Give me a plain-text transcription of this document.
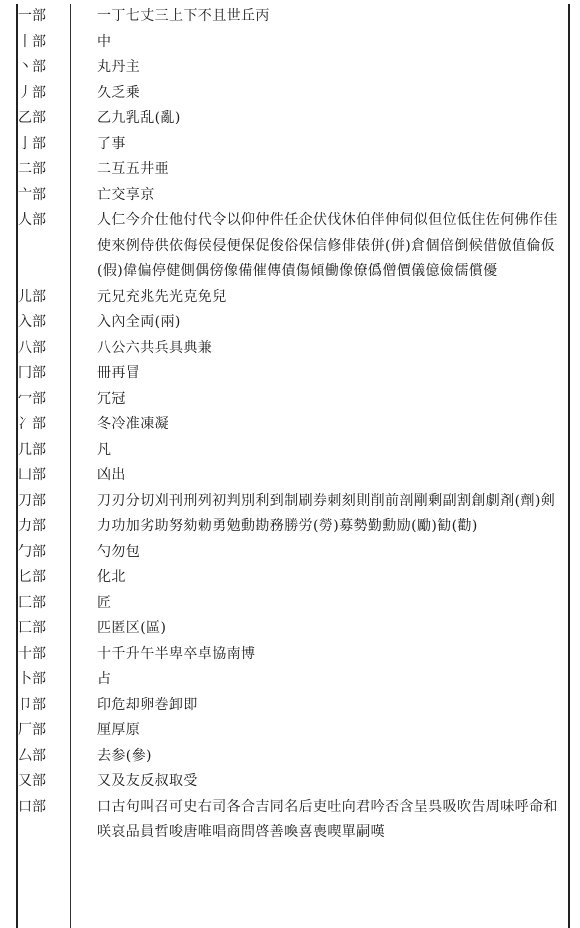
一部	一丁七丈三上下不且世丘丙
丨部	中
丶部	丸丹主
丿部	久乏乗
乙部	乙九乳乱(亂)
亅部	了事
二部	二互五井亜
亠部	亡交享京
人部	人仁今介仕他付代令以仰仲件任企伏伐休伯伴伸伺似但位低住佐何佛作佳使來例侍供依侮侯侵便保促俊俗保信修俳俵併(併)倉個倍倒候借倣值倫仮(假)偉偏停健側偶傍像備催傳債傷傾働像僚僞僧價儀億儉儒償優
儿部	元兄充兆先光克免兒
入部	入內全両(兩)
八部	八公六共兵具典兼
冂部	冊再冒
冖部	冗冠
冫部	冬冷准凍凝
几部	凡
凵部	凶出
刀部	刀刃分切刈刊刑列初判別利到制刷券刺刻則削前剖剛剰副割創劇剤(劑)剣
力部	力功加劣助努劾勅勇勉動勘務勝労(勞)募勢勤勳励(勵)勧(勸)
勹部	勺勿包
匕部	化北
匚部	匠
匸部	匹匿区(區)
十部	十千升午半卑卒卓協南博
卜部	占
卩部	印危却卵巻卸即
厂部	厘厚原
厶部	去参(參)
又部	又及友反叔取受
口部	口古句叫召可史右司各合吉同名后吏吐向君吟否含呈呉吸吹告周味呼命和咲哀品員哲唆唐唯唱商問啓善喚喜喪喫單嗣嘆
